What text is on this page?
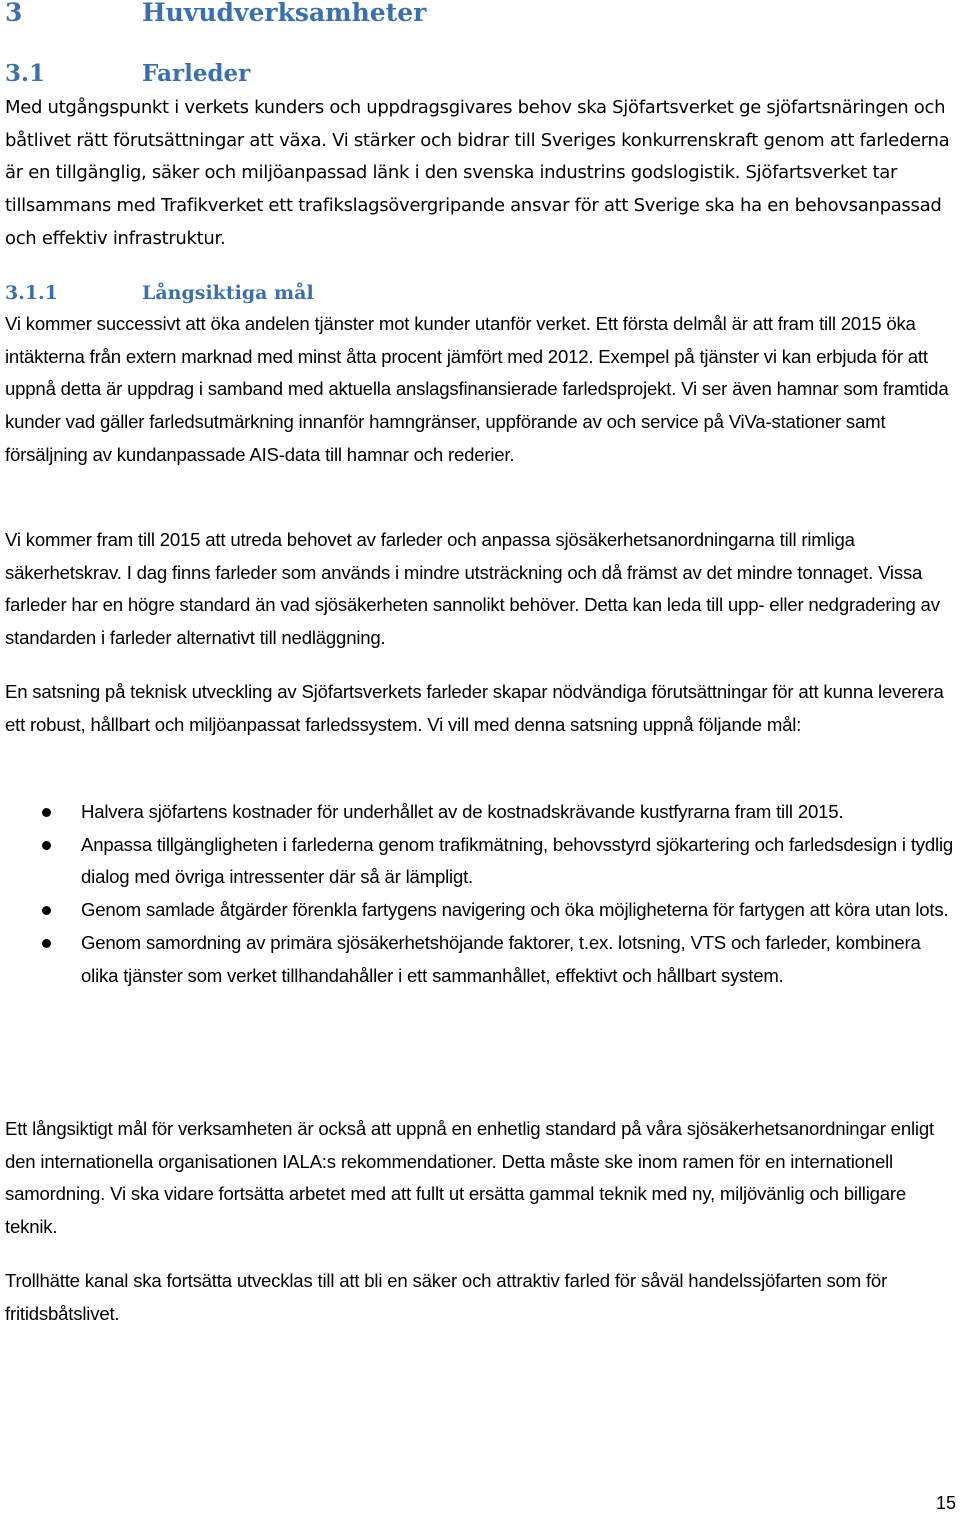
3	Huvudverksamheter
3.1	Farleder

Med utgångspunkt i verkets kunders och uppdragsgivares behov ska Sjöfartsverket ge sjöfartsnäringen och båtlivet rätt förutsättningar att växa. Vi stärker och bidrar till Sveriges konkurrenskraft genom att farlederna är en tillgänglig, säker och miljöanpassad länk i den svenska industrins godslogistik. Sjöfartsverket tar tillsammans med Trafikverket ett trafikslagsövergripande ansvar för att Sverige ska ha en behovsanpassad och effektiv infrastruktur.

3.1.1	Långsiktiga mål

Vi kommer successivt att öka andelen tjänster mot kunder utanför verket. Ett första delmål är att fram till 2015 öka intäkterna från extern marknad med minst åtta procent jämfört med 2012. Exempel på tjänster vi kan erbjuda för att uppnå detta är uppdrag i samband med aktuella anslagsfinansierade farledsprojekt. Vi ser även hamnar som framtida kunder vad gäller farledsutmärkning innanför hamngränser, uppförande av och service på ViVa-stationer samt försäljning av kundanpassade AIS-data till hamnar och rederier.

Vi kommer fram till 2015 att utreda behovet av farleder och anpassa sjösäkerhetsanordningarna till rimliga säkerhetskrav. I dag finns farleder som används i mindre utsträckning och då främst av det mindre tonnaget. Vissa farleder har en högre standard än vad sjösäkerheten sannolikt behöver. Detta kan leda till upp- eller nedgradering av standarden i farleder alternativt till nedläggning.

En satsning på teknisk utveckling av Sjöfartsverkets farleder skapar nödvändiga förutsättningar för att kunna leverera ett robust, hållbart och miljöanpassat farledssystem. Vi vill med denna satsning uppnå följande mål:

Halvera sjöfartens kostnader för underhållet av de kostnadskrävande kustfyrarna fram till 2015.
Anpassa tillgängligheten i farlederna genom trafikmätning, behovsstyrd sjökartering och farledsdesign i tydlig dialog med övriga intressenter där så är lämpligt.
Genom samlade åtgärder förenkla fartygens navigering och öka möjligheterna för fartygen att köra utan lots.
Genom samordning av primära sjösäkerhetshöjande faktorer, t.ex. lotsning, VTS och farleder, kombinera olika tjänster som verket tillhandahåller i ett sammanhållet, effektivt och hållbart system.

Ett långsiktigt mål för verksamheten är också att uppnå en enhetlig standard på våra sjösäkerhetsanordningar enligt den internationella organisationen IALA:s rekommendationer. Detta måste ske inom ramen för en internationell samordning. Vi ska vidare fortsätta arbetet med att fullt ut ersätta gammal teknik med ny, miljövänlig och billigare teknik.

Trollhätte kanal ska fortsätta utvecklas till att bli en säker och attraktiv farled för såväl handelssjöfarten som för fritidsbåtslivet.

15
